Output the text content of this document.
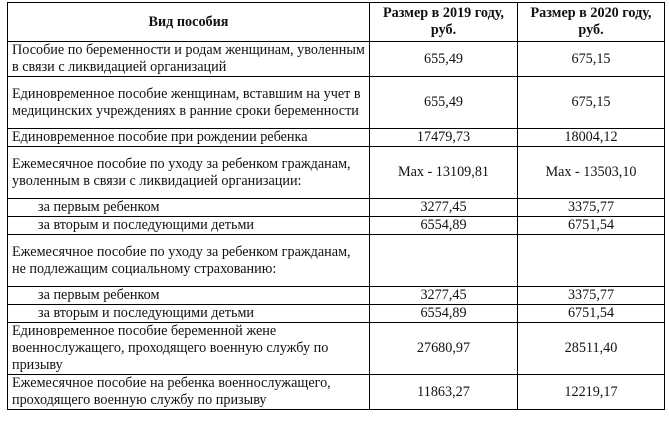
Вид пособия	Размер в 2019 году, руб.	Размер в 2020 году, руб.
Пособие по беременности и родам женщинам, уволенным в связи с ликвидацией организаций	655,49	675,15
Единовременное пособие женщинам, вставшим на учет в медицинских учреждениях в ранние сроки беременности	655,49	675,15
Единовременное пособие при рождении ребенка	17479,73	18004,12
Ежемесячное пособие по уходу за ребенком гражданам, уволенным в связи с ликвидацией организации:	Max - 13109,81	Max - 13503,10
за первым ребенком	3277,45	3375,77
за вторым и последующими детьми	6554,89	6751,54
Ежемесячное пособие по уходу за ребенком гражданам, не подлежащим социальному страхованию:		
за первым ребенком	3277,45	3375,77
за вторым и последующими детьми	6554,89	6751,54
Единовременное пособие беременной жене военнослужащего, проходящего военную службу по призыву	27680,97	28511,40
Ежемесячное пособие на ребенка военнослужащего, проходящего военную службу по призыву	11863,27	12219,17
